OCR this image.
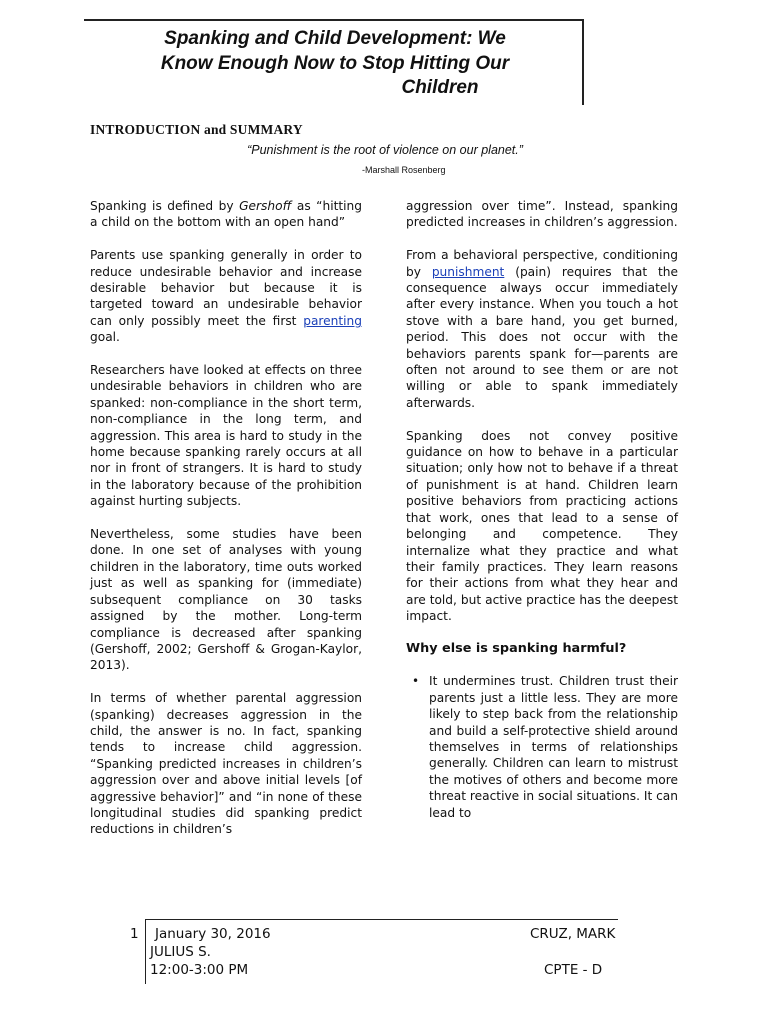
Spanking and Child Development: We
Know Enough Now to Stop Hitting Our
Children
INTRODUCTION and SUMMARY

“Punishment is the root of violence on our planet.”

-Marshall Rosenberg

Spanking is defined by Gershoff as “hitting a child on the bottom with an open hand”

Parents use spanking generally in order to reduce undesirable behavior and increase desirable behavior but because it is targeted toward an undesirable behavior can only possibly meet the first parenting goal.

Researchers have looked at effects on three undesirable behaviors in children who are spanked: non-compliance in the short term, non-compliance in the long term, and aggression. This area is hard to study in the home because spanking rarely occurs at all nor in front of strangers. It is hard to study in the laboratory because of the prohibition against hurting subjects.

Nevertheless, some studies have been done. In one set of analyses with young children in the laboratory, time outs worked just as well as spanking for (immediate) subsequent compliance on 30 tasks assigned by the mother. Long-term compliance is decreased after spanking (Gershoff, 2002; Gershoff & Grogan-Kaylor, 2013).

In terms of whether parental aggression (spanking) decreases aggression in the child, the answer is no. In fact, spanking tends to increase child aggression. “Spanking predicted increases in children’s aggression over and above initial levels [of aggressive behavior]” and “in none of these longitudinal studies did spanking predict reductions in children’s

aggression over time”. Instead, spanking predicted increases in children’s aggression.

From a behavioral perspective, conditioning by punishment (pain) requires that the consequence always occur immediately after every instance. When you touch a hot stove with a bare hand, you get burned, period. This does not occur with the behaviors parents spank for—parents are often not around to see them or are not willing or able to spank immediately afterwards.

Spanking does not convey positive guidance on how to behave in a particular situation; only how not to behave if a threat of punishment is at hand. Children learn positive behaviors from practicing actions that work, ones that lead to a sense of belonging and competence. They internalize what they practice and what their family practices. They learn reasons for their actions from what they hear and are told, but active practice has the deepest impact.

Why else is spanking harmful?

• It undermines trust. Children trust their parents just a little less. They are more likely to step back from the relationship and build a self-protective shield around themselves in terms of relationships generally. Children can learn to mistrust the motives of others and become more threat reactive in social situations. It can lead to

1 January 30, 2016	CRUZ, MARK

JULIUS S.

12:00-3:00 PM	CPTE - D
